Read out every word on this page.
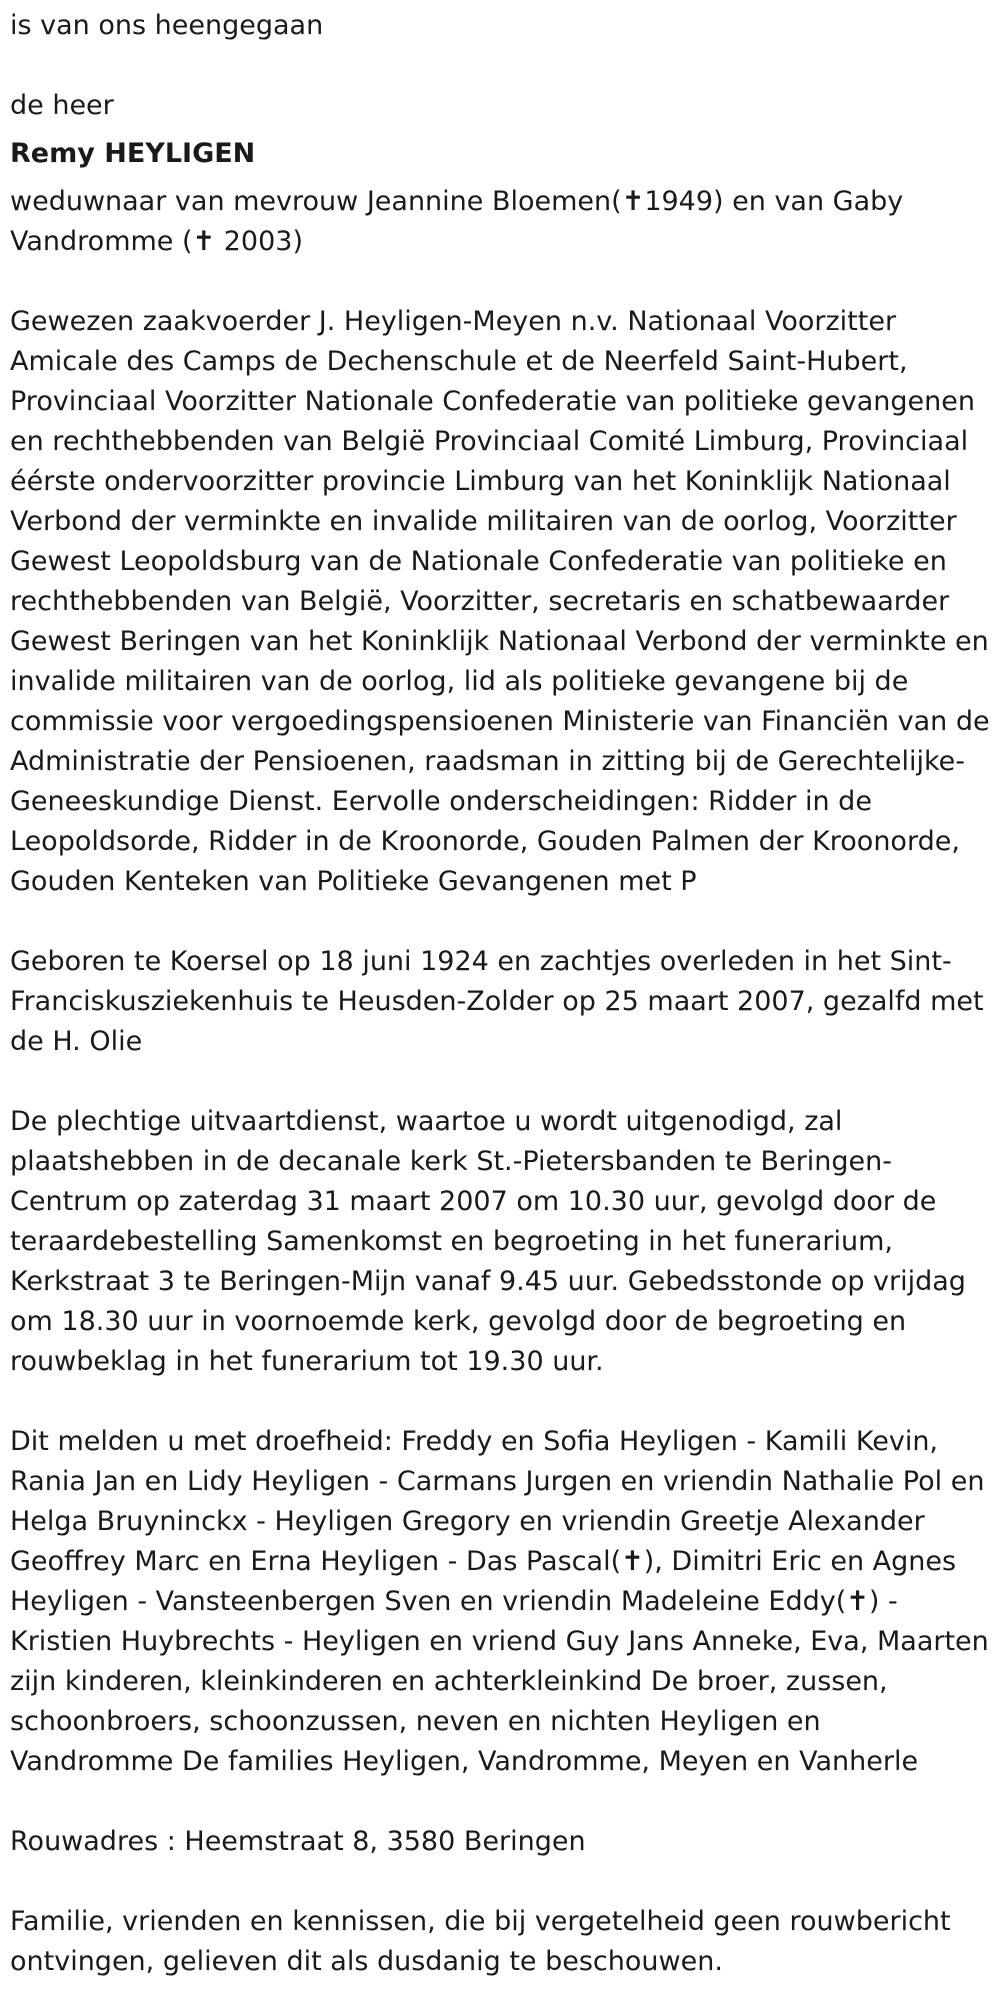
is van ons heengegaan

de heer

Remy HEYLIGEN

weduwnaar van mevrouw Jeannine Bloemen(✝1949) en van Gaby Vandromme (✝ 2003)

Gewezen zaakvoerder J. Heyligen-Meyen n.v. Nationaal Voorzitter Amicale des Camps de Dechenschule et de Neerfeld Saint-Hubert, Provinciaal Voorzitter Nationale Confederatie van politieke gevangenen en rechthebbenden van België Provinciaal Comité Limburg, Provinciaal éérste ondervoorzitter provincie Limburg van het Koninklijk Nationaal Verbond der verminkte en invalide militairen van de oorlog, Voorzitter Gewest Leopoldsburg van de Nationale Confederatie van politieke en rechthebbenden van België, Voorzitter, secretaris en schatbewaarder Gewest Beringen van het Koninklijk Nationaal Verbond der verminkte en invalide militairen van de oorlog, lid als politieke gevangene bij de commissie voor vergoedingspensioenen Ministerie van Financiën van de Administratie der Pensioenen, raadsman in zitting bij de Gerechtelijke-Geneeskundige Dienst. Eervolle onderscheidingen: Ridder in de Leopoldsorde, Ridder in de Kroonorde, Gouden Palmen der Kroonorde, Gouden Kenteken van Politieke Gevangenen met P

Geboren te Koersel op 18 juni 1924 en zachtjes overleden in het Sint-Franciskusziekenhuis te Heusden-Zolder op 25 maart 2007, gezalfd met de H. Olie

De plechtige uitvaartdienst, waartoe u wordt uitgenodigd, zal plaatshebben in de decanale kerk St.-Pietersbanden te Beringen-Centrum op zaterdag 31 maart 2007 om 10.30 uur, gevolgd door de teraardebestelling Samenkomst en begroeting in het funerarium, Kerkstraat 3 te Beringen-Mijn vanaf 9.45 uur. Gebedsstonde op vrijdag om 18.30 uur in voornoemde kerk, gevolgd door de begroeting en rouwbeklag in het funerarium tot 19.30 uur.

Dit melden u met droefheid: Freddy en Sofia Heyligen - Kamili Kevin, Rania Jan en Lidy Heyligen - Carmans Jurgen en vriendin Nathalie Pol en Helga Bruyninckx - Heyligen Gregory en vriendin Greetje Alexander Geoffrey Marc en Erna Heyligen - Das Pascal(✝), Dimitri Eric en Agnes Heyligen - Vansteenbergen Sven en vriendin Madeleine Eddy(✝) - Kristien Huybrechts - Heyligen en vriend Guy Jans Anneke, Eva, Maarten zijn kinderen, kleinkinderen en achterkleinkind De broer, zussen, schoonbroers, schoonzussen, neven en nichten Heyligen en Vandromme De families Heyligen, Vandromme, Meyen en Vanherle

Rouwadres : Heemstraat 8, 3580 Beringen

Familie, vrienden en kennissen, die bij vergetelheid geen rouwbericht ontvingen, gelieven dit als dusdanig te beschouwen.
